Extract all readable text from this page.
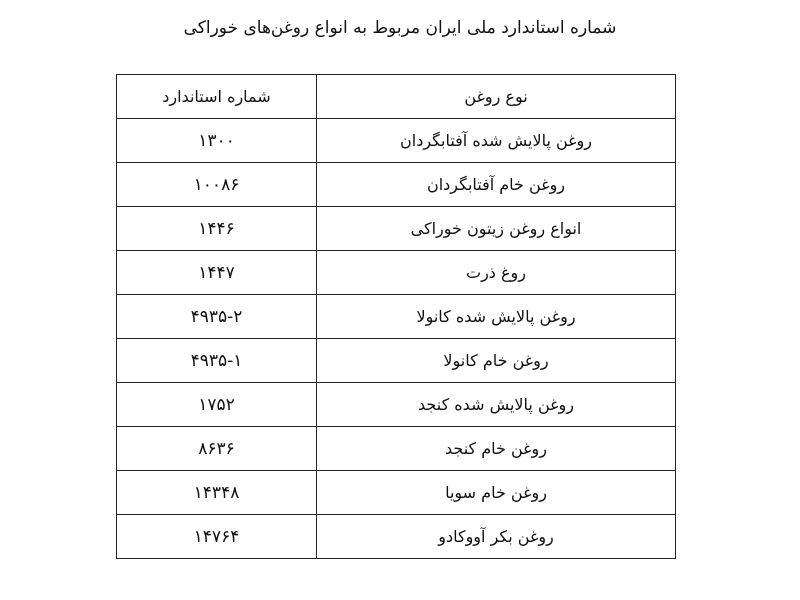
شماره استاندارد ملی ایران مربوط به انواع روغن‌های خوراکی
شماره استاندارد	نوع روغن
۱۳۰۰	روغن پالایش شده آفتابگردان
۱۰۰۸۶	روغن خام آفتابگردان
۱۴۴۶	انواع روغن زیتون خوراکی
۱۴۴۷	روغ ذرت
۴۹۳۵-۲	روغن پالایش شده کانولا
۴۹۳۵-۱	روغن خام کانولا
۱۷۵۲	روغن پالایش شده کنجد
۸۶۳۶	روغن خام کنجد
۱۴۳۴۸	روغن خام سویا
۱۴۷۶۴	روغن بکر آووکادو
